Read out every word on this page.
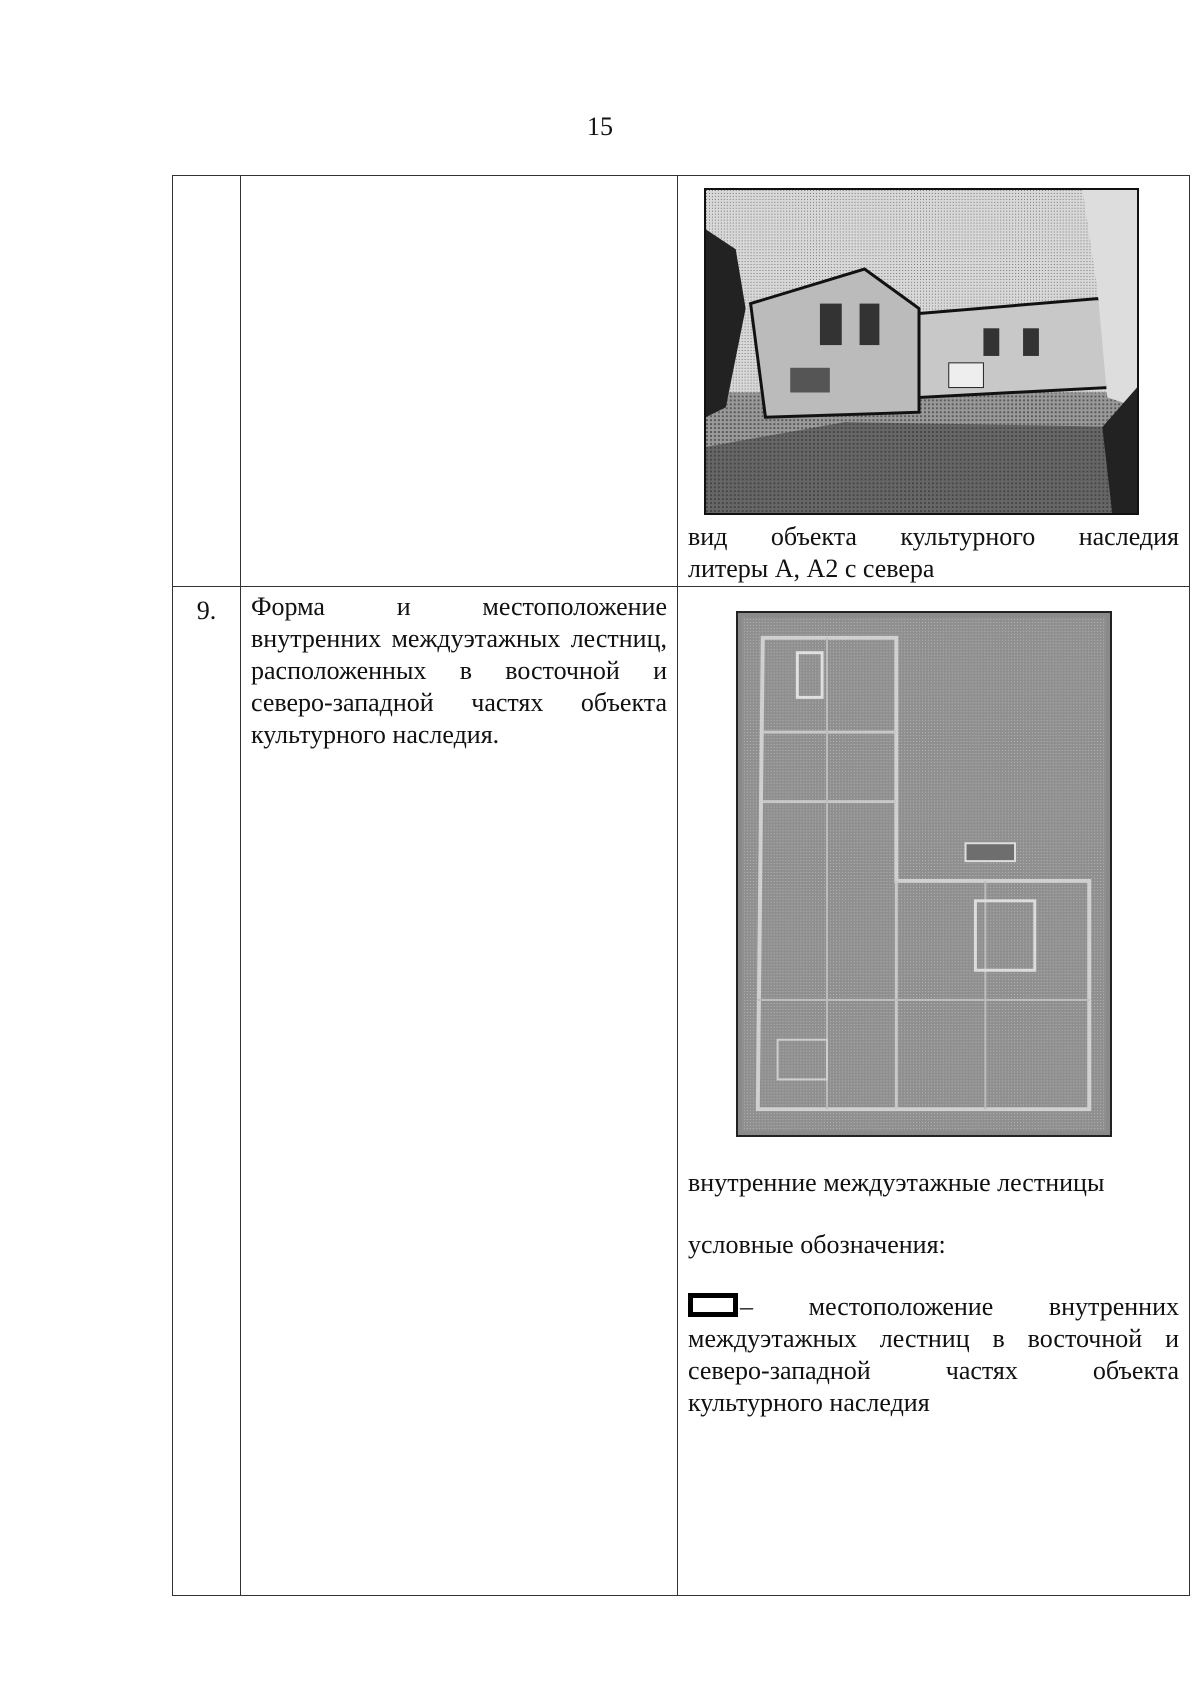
15

		вид объекта культурного наследия
литеры А, А2 с севера

9.	Форма и местоположение внутренних междуэтажных лестниц, расположенных в восточной и северо-западной частях объекта культурного наследия.	внутренние междуэтажные лестницы
условные обозначения:
– местоположение внутренних междуэтажных лестниц в восточной и северо-западной частях объекта культурного наследия
